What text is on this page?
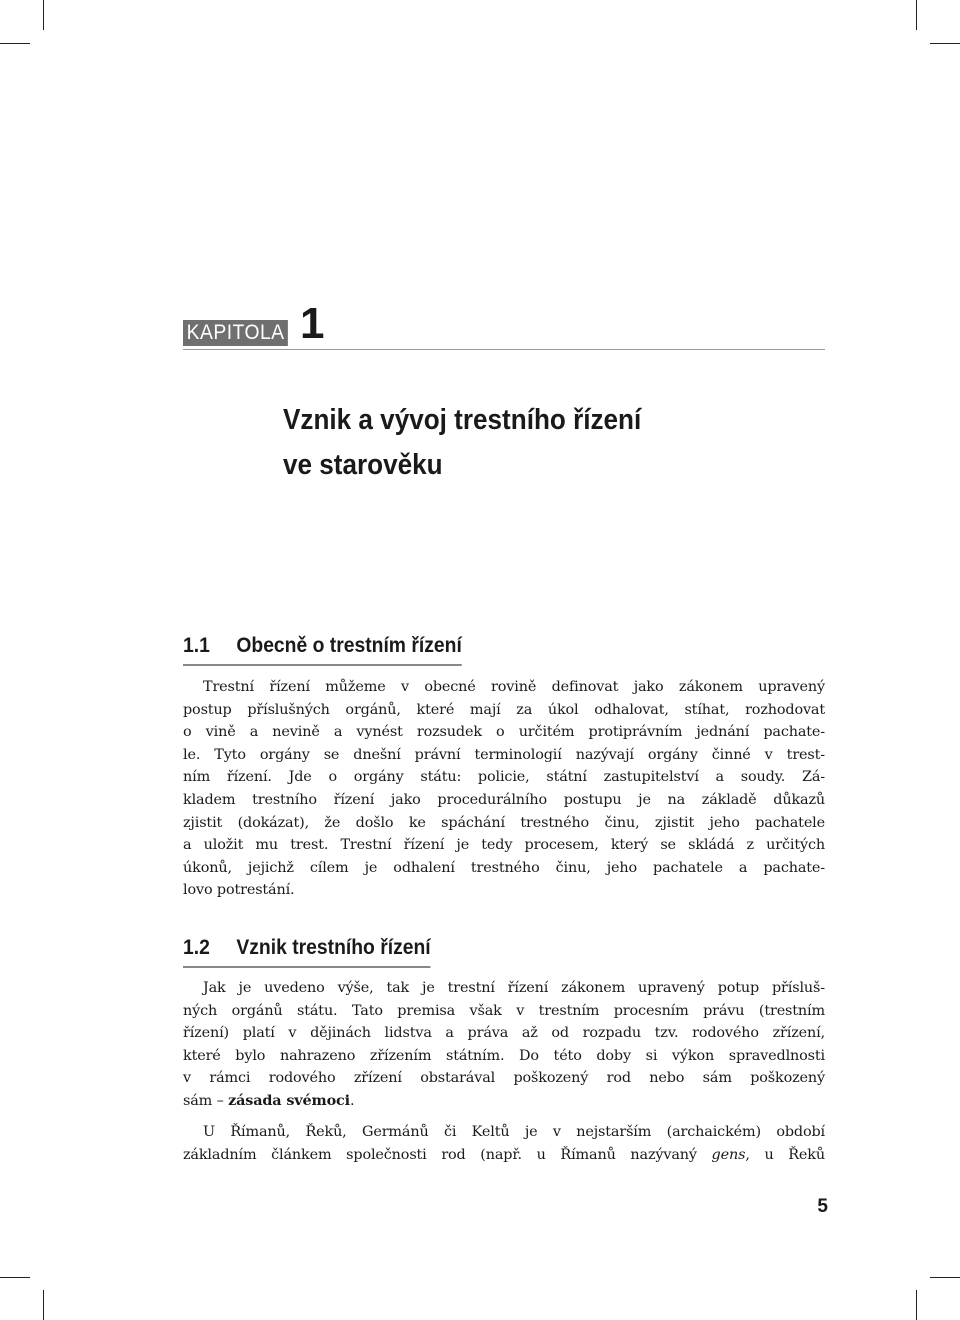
KAPITOLA 1
Vznik a vývoj trestního řízení
ve starověku
1.1 Obecně o trestním řízení
Trestní řízení můžeme v obecné rovině definovat jako zákonem upravený
postup příslušných orgánů, které mají za úkol odhalovat, stíhat, rozhodovat
o vině a nevině a vynést rozsudek o určitém protiprávním jednání pachate-
le. Tyto orgány se dnešní právní terminologií nazývají orgány činné v trest-
ním řízení. Jde o orgány státu: policie, státní zastupitelství a soudy. Zá-
kladem trestního řízení jako procedurálního postupu je na základě důkazů
zjistit (dokázat), že došlo ke spáchání trestného činu, zjistit jeho pachatele
a uložit mu trest. Trestní řízení je tedy procesem, který se skládá z určitých
úkonů, jejichž cílem je odhalení trestného činu, jeho pachatele a pachate-
lovo potrestání.
1.2 Vznik trestního řízení
Jak je uvedeno výše, tak je trestní řízení zákonem upravený potup přísluš-
ných orgánů státu. Tato premisa však v trestním procesním právu (trestním
řízení) platí v dějinách lidstva a práva až od rozpadu tzv. rodového zřízení,
které bylo nahrazeno zřízením státním. Do této doby si výkon spravedlnosti
v rámci rodového zřízení obstarával poškozený rod nebo sám poškozený
sám – zásada svémoci.
U Římanů, Řeků, Germánů či Keltů je v nejstarším (archaickém) období
základním článkem společnosti rod (např. u Římanů nazývaný gens, u Řeků
5
